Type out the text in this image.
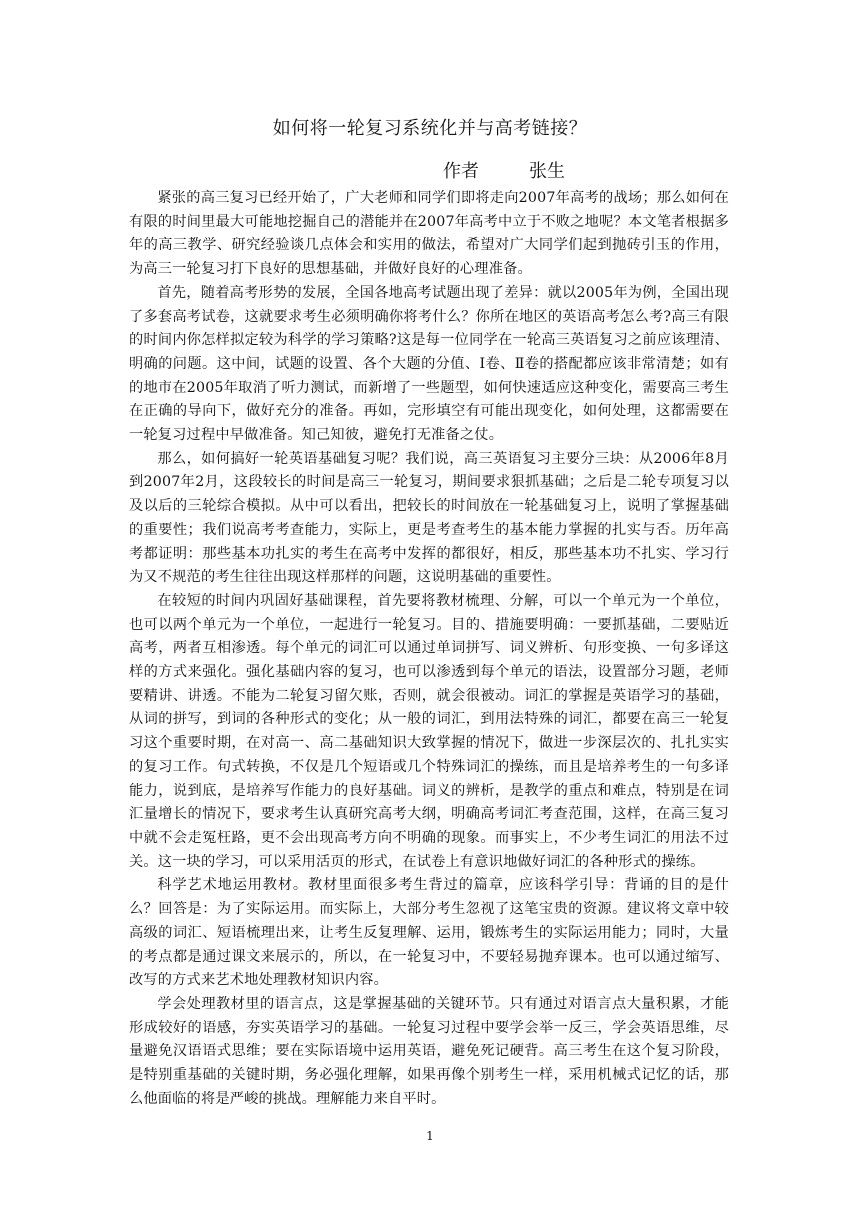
如何将一轮复习系统化并与高考链接？
作者	张生

紧张的高三复习已经开始了，广大老师和同学们即将走向2007年高考的战场；那么如何在有限的时间里最大可能地挖掘自己的潜能并在2007年高考中立于不败之地呢？本文笔者根据多年的高三教学、研究经验谈几点体会和实用的做法，希望对广大同学们起到抛砖引玉的作用，为高三一轮复习打下良好的思想基础，并做好良好的心理准备。

首先，随着高考形势的发展，全国各地高考试题出现了差异：就以2005年为例，全国出现了多套高考试卷，这就要求考生必须明确你将考什么？你所在地区的英语高考怎么考?高三有限的时间内你怎样拟定较为科学的学习策略?这是每一位同学在一轮高三英语复习之前应该理清、明确的问题。这中间，试题的设置、各个大题的分值、Ⅰ卷、Ⅱ卷的搭配都应该非常清楚；如有的地市在2005年取消了听力测试，而新增了一些题型，如何快速适应这种变化，需要高三考生在正确的导向下，做好充分的准备。再如，完形填空有可能出现变化，如何处理，这都需要在一轮复习过程中早做准备。知己知彼，避免打无准备之仗。

那么，如何搞好一轮英语基础复习呢？我们说，高三英语复习主要分三块：从2006年8月到2007年2月，这段较长的时间是高三一轮复习，期间要求狠抓基础；之后是二轮专项复习以及以后的三轮综合模拟。从中可以看出，把较长的时间放在一轮基础复习上，说明了掌握基础的重要性；我们说高考考查能力，实际上，更是考查考生的基本能力掌握的扎实与否。历年高考都证明：那些基本功扎实的考生在高考中发挥的都很好，相反，那些基本功不扎实、学习行为又不规范的考生往往出现这样那样的问题，这说明基础的重要性。

在较短的时间内巩固好基础课程，首先要将教材梳理、分解，可以一个单元为一个单位，也可以两个单元为一个单位，一起进行一轮复习。目的、措施要明确：一要抓基础，二要贴近高考，两者互相渗透。每个单元的词汇可以通过单词拼写、词义辨析、句形变换、一句多译这样的方式来强化。强化基础内容的复习，也可以渗透到每个单元的语法，设置部分习题，老师要精讲、讲透。不能为二轮复习留欠账，否则，就会很被动。词汇的掌握是英语学习的基础，从词的拼写，到词的各种形式的变化；从一般的词汇，到用法特殊的词汇，都要在高三一轮复习这个重要时期，在对高一、高二基础知识大致掌握的情况下，做进一步深层次的、扎扎实实的复习工作。句式转换，不仅是几个短语或几个特殊词汇的操练，而且是培养考生的一句多译能力，说到底，是培养写作能力的良好基础。词义的辨析，是教学的重点和难点，特别是在词汇量增长的情况下，要求考生认真研究高考大纲，明确高考词汇考查范围，这样，在高三复习中就不会走冤枉路，更不会出现高考方向不明确的现象。而事实上，不少考生词汇的用法不过关。这一块的学习，可以采用活页的形式，在试卷上有意识地做好词汇的各种形式的操练。

科学艺术地运用教材。教材里面很多考生背过的篇章，应该科学引导：背诵的目的是什么？回答是：为了实际运用。而实际上，大部分考生忽视了这笔宝贵的资源。建议将文章中较高级的词汇、短语梳理出来，让考生反复理解、运用，锻炼考生的实际运用能力；同时，大量的考点都是通过课文来展示的，所以，在一轮复习中，不要轻易抛弃课本。也可以通过缩写、改写的方式来艺术地处理教材知识内容。

学会处理教材里的语言点，这是掌握基础的关键环节。只有通过对语言点大量积累，才能形成较好的语感，夯实英语学习的基础。一轮复习过程中要学会举一反三，学会英语思维，尽量避免汉语语式思维；要在实际语境中运用英语，避免死记硬背。高三考生在这个复习阶段，是特别重基础的关键时期，务必强化理解，如果再像个别考生一样，采用机械式记忆的话，那么他面临的将是严峻的挑战。理解能力来自平时。

1
